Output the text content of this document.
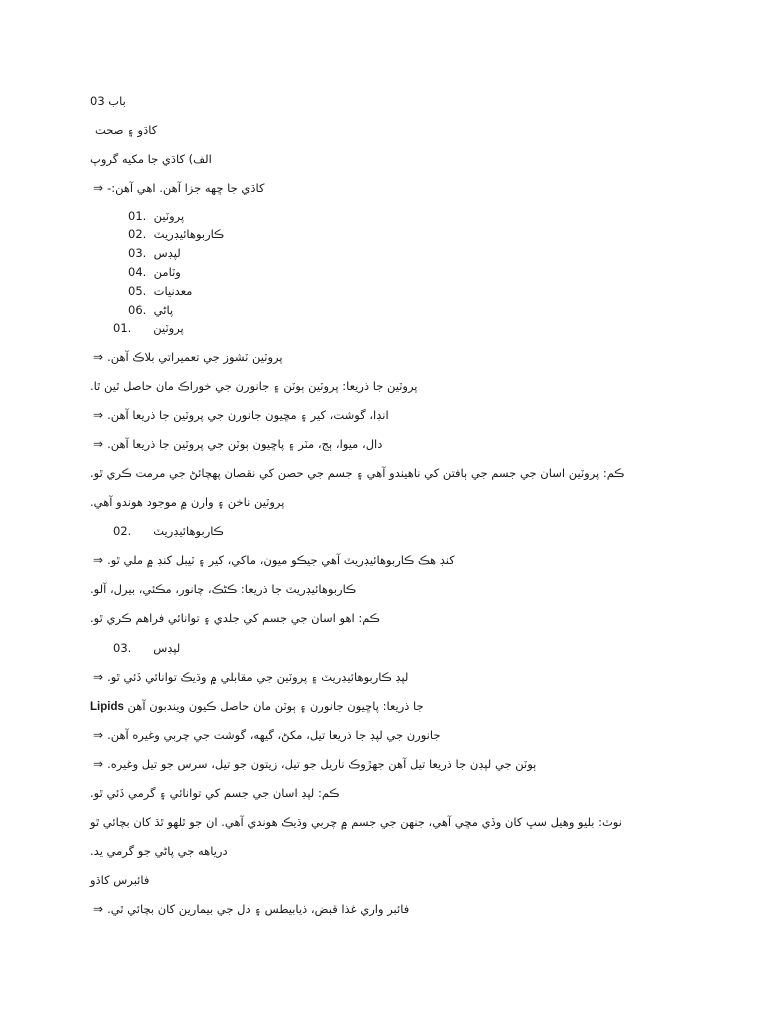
باب 03
کاڌو ۽ صحت
الف) کاڌي جا مکيه گروپ
⇒ کاڌي جا ڇهه جزا آهن. اهي آهن:-
01. پروٽين
02. ڪاربوهائيڊريٽ
03. لپڊس
04. وٽامن
05. معدنيات
06. پاڻي
01. پروٽين
⇒ پروٽين ٽشوز جي تعميراتي بلاڪ آهن.
پروٽين جا ذريعا: پروٽين ٻوٽن ۽ جانورن جي خوراڪ مان حاصل ٿين ٿا.
⇒ انڊا، گوشت، کير ۽ مڇيون جانورن جي پروٽين جا ذريعا آهن.
⇒ دال، ميوا، ٻج، مٽر ۽ پاڇيون ٻوٽن جي پروٽين جا ذريعا آهن.
ڪم: پروٽين اسان جي جسم جي ٻافتن کي ناهيندو آهي ۽ جسم جي حصن کي نقصان پهچائڻ جي مرمت ڪري ٿو.
پروٽين ناخن ۽ وارن ۾ موجود هوندو آهي.
02. ڪاربوهائيڊريٽ
⇒ کنڊ هڪ ڪاربوهائيڊريٽ آهي جيڪو ميون، ماکي، کير ۽ ٽيبل کنڊ ۾ ملي ٿو.
ڪاربوهائيڊريٽ جا ذريعا: ڪڻڪ، چانور، مڪئي، بيرل، آلو.
ڪم: اهو اسان جي جسم کي جلدي ۽ توانائي فراهم ڪري ٿو.
03. لپڊس
⇒ لپڊ ڪاربوهائيڊريٽ ۽ پروٽين جي مقابلي ۾ وڌيڪ توانائي ڏئي ٿو.
Lipids جا ذريعا: پاڇيون جانورن ۽ ٻوٽن مان حاصل ڪيون ويندبون آهن
⇒ جانورن جي لپڊ جا ذريعا تيل، مکڻ، گيهه، گوشت جي چربي وغيره آهن.
⇒ ٻوٽن جي لپڊن جا ذريعا تيل آهن جهڙوڪ ناريل جو تيل، زيتون جو تيل، سرس جو تيل وغيره.
ڪم: لپڊ اسان جي جسم کي توانائي ۽ گرمي ڏئي ٿو.
نوٽ: بليو وهيل سڀ کان وڏي مڇي آهي، جنهن جي جسم ۾ چربي وڌيڪ هوندي آهي. ان جو ٿلهو ٿڌ کان بچائي ٿو
درياهه جي پاڻي جو گرمي يد.
فائبرس کاڌو
⇒ فائبر واري غذا قبض، ذيابيطس ۽ دل جي بيمارين کان بچائي ٿي.
